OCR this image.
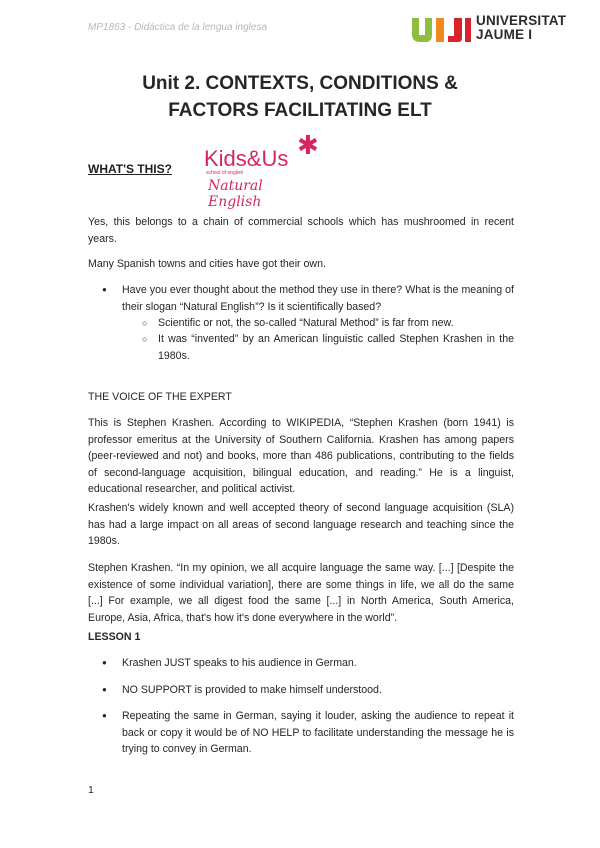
MP1863 - Didáctica de la lengua inglesa	UNIVERSITAT
JAUME I
Unit 2. CONTEXTS, CONDITIONS &
FACTORS FACILITATING ELT
WHAT'S THIS?
✱
Kids&Us
school of english
Natural English
Yes, this belongs to a chain of commercial schools which has mushroomed in recent years.
Many Spanish towns and cities have got their own.
● Have you ever thought about the method they use in there? What is the meaning of their slogan “Natural English”? Is it scientifically based?
○ Scientific or not, the so-called “Natural Method” is far from new.
○ It was “invented” by an American linguistic called Stephen Krashen in the 1980s.
THE VOICE OF THE EXPERT
This is Stephen Krashen. According to WIKIPEDIA, “Stephen Krashen (born 1941) is professor emeritus at the University of Southern California. Krashen has among papers (peer-reviewed and not) and books, more than 486 publications, contributing to the fields of second-language acquisition, bilingual education, and reading.” He is a linguist, educational researcher, and political activist.
Krashen's widely known and well accepted theory of second language acquisition (SLA) has had a large impact on all areas of second language research and teaching since the 1980s.
Stephen Krashen. “In my opinion, we all acquire language the same way. [...] [Despite the existence of some individual variation], there are some things in life, we all do the same [...] For example, we all digest food the same [...] in North America, South America, Europe, Asia, Africa, that's how it's done everywhere in the world”.
LESSON 1
● Krashen JUST speaks to his audience in German.
● NO SUPPORT is provided to make himself understood.
● Repeating the same in German, saying it louder, asking the audience to repeat it back or copy it would be of NO HELP to facilitate understanding the message he is trying to convey in German.
1
